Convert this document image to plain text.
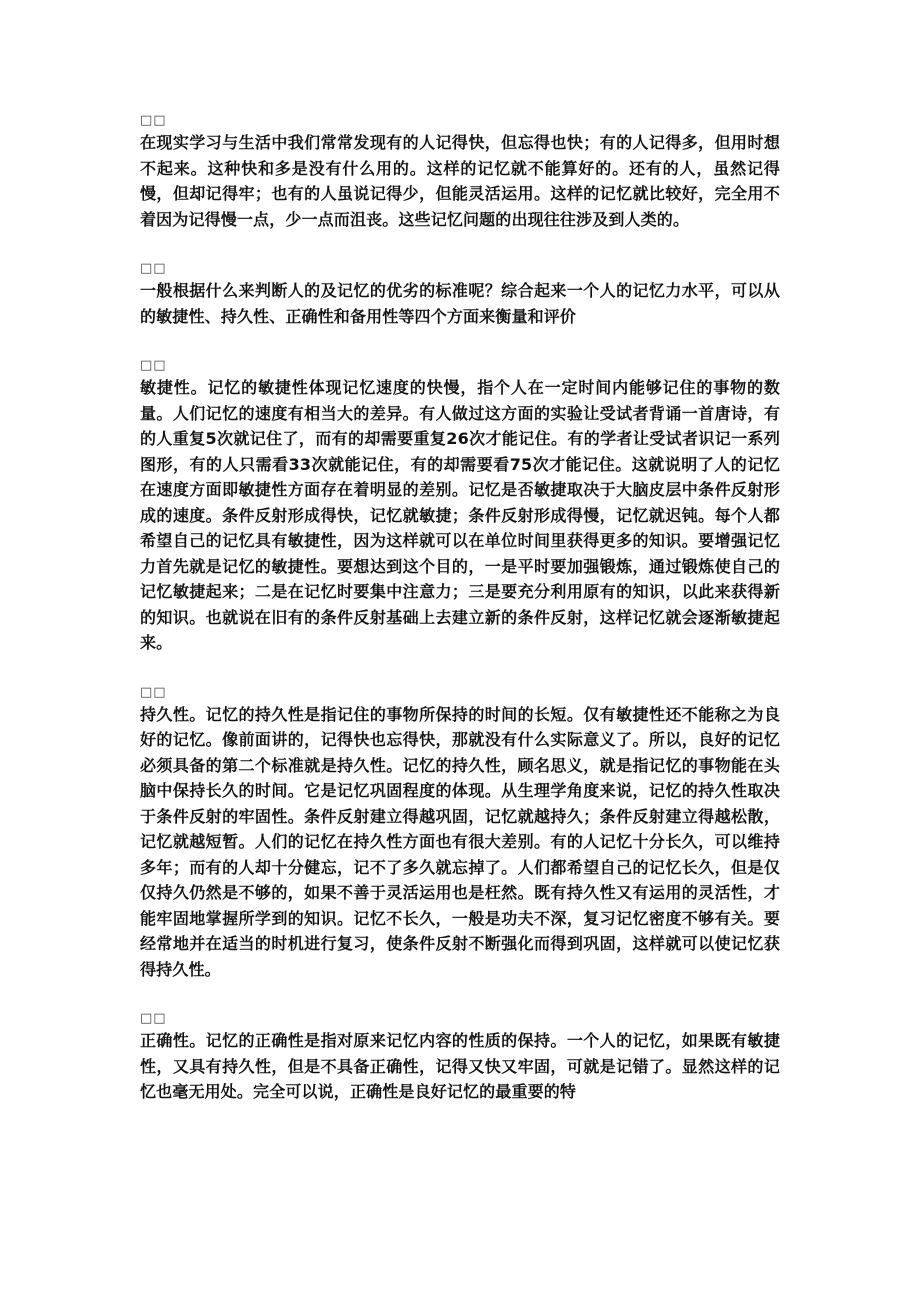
□□
在现实学习与生活中我们常常发现有的人记得快，但忘得也快；有的人记得多，但用时想不起来。这种快和多是没有什么用的。这样的记忆就不能算好的。还有的人，虽然记得慢，但却记得牢；也有的人虽说记得少，但能灵活运用。这样的记忆就比较好，完全用不着因为记得慢一点，少一点而沮丧。这些记忆问题的出现往往涉及到人类的。
□□
一般根据什么来判断人的及记忆的优劣的标准呢？综合起来一个人的记忆力水平，可以从的敏捷性、持久性、正确性和备用性等四个方面来衡量和评价
□□
敏捷性。记忆的敏捷性体现记忆速度的快慢，指个人在一定时间内能够记住的事物的数量。人们记忆的速度有相当大的差异。有人做过这方面的实验让受试者背诵一首唐诗，有的人重复5次就记住了，而有的却需要重复26次才能记住。有的学者让受试者识记一系列图形，有的人只需看33次就能记住，有的却需要看75次才能记住。这就说明了人的记忆在速度方面即敏捷性方面存在着明显的差别。记忆是否敏捷取决于大脑皮层中条件反射形成的速度。条件反射形成得快，记忆就敏捷；条件反射形成得慢，记忆就迟钝。每个人都希望自己的记忆具有敏捷性，因为这样就可以在单位时间里获得更多的知识。要增强记忆力首先就是记忆的敏捷性。要想达到这个目的，一是平时要加强锻炼，通过锻炼使自己的记忆敏捷起来；二是在记忆时要集中注意力；三是要充分利用原有的知识，以此来获得新的知识。也就说在旧有的条件反射基础上去建立新的条件反射，这样记忆就会逐渐敏捷起来。
□□
持久性。记忆的持久性是指记住的事物所保持的时间的长短。仅有敏捷性还不能称之为良好的记忆。像前面讲的，记得快也忘得快，那就没有什么实际意义了。所以，良好的记忆必须具备的第二个标准就是持久性。记忆的持久性，顾名思义，就是指记忆的事物能在头脑中保持长久的时间。它是记忆巩固程度的体现。从生理学角度来说，记忆的持久性取决于条件反射的牢固性。条件反射建立得越巩固，记忆就越持久；条件反射建立得越松散，记忆就越短暂。人们的记忆在持久性方面也有很大差别。有的人记忆十分长久，可以维持多年；而有的人却十分健忘，记不了多久就忘掉了。人们都希望自己的记忆长久，但是仅仅持久仍然是不够的，如果不善于灵活运用也是枉然。既有持久性又有运用的灵活性，才能牢固地掌握所学到的知识。记忆不长久，一般是功夫不深，复习记忆密度不够有关。要经常地并在适当的时机进行复习，使条件反射不断强化而得到巩固，这样就可以使记忆获得持久性。
□□
正确性。记忆的正确性是指对原来记忆内容的性质的保持。一个人的记忆，如果既有敏捷性，又具有持久性，但是不具备正确性，记得又快又牢固，可就是记错了。显然这样的记忆也毫无用处。完全可以说，正确性是良好记忆的最重要的特
